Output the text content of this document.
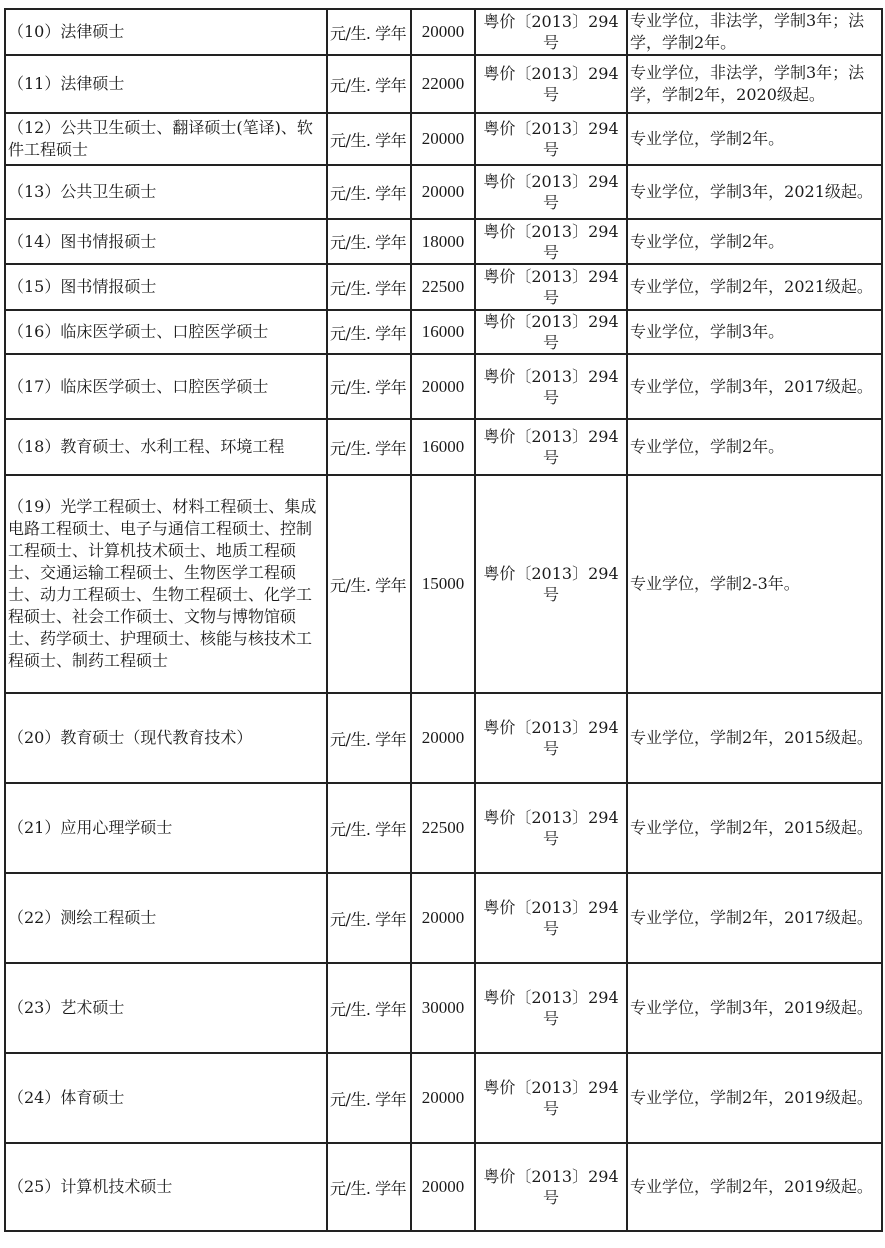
（10）法律硕士	元/生. 学年	20000	粤价〔2013〕294号	专业学位，非法学，学制3年；法学，学制2年。
（11）法律硕士	元/生. 学年	22000	粤价〔2013〕294号	专业学位，非法学，学制3年；法学，学制2年，2020级起。
（12）公共卫生硕士、翻译硕士(笔译)、软件工程硕士	元/生. 学年	20000	粤价〔2013〕294号	专业学位，学制2年。
（13）公共卫生硕士	元/生. 学年	20000	粤价〔2013〕294号	专业学位，学制3年，2021级起。
（14）图书情报硕士	元/生. 学年	18000	粤价〔2013〕294号	专业学位，学制2年。
（15）图书情报硕士	元/生. 学年	22500	粤价〔2013〕294号	专业学位，学制2年，2021级起。
（16）临床医学硕士、口腔医学硕士	元/生. 学年	16000	粤价〔2013〕294号	专业学位，学制3年。
（17）临床医学硕士、口腔医学硕士	元/生. 学年	20000	粤价〔2013〕294号	专业学位，学制3年，2017级起。
（18）教育硕士、水利工程、环境工程	元/生. 学年	16000	粤价〔2013〕294号	专业学位，学制2年。
（19）光学工程硕士、材料工程硕士、集成电路工程硕士、电子与通信工程硕士、控制工程硕士、计算机技术硕士、地质工程硕士、交通运输工程硕士、生物医学工程硕士、动力工程硕士、生物工程硕士、化学工程硕士、社会工作硕士、文物与博物馆硕士、药学硕士、护理硕士、核能与核技术工程硕士、制药工程硕士	元/生. 学年	15000	粤价〔2013〕294号	专业学位，学制2-3年。
（20）教育硕士（现代教育技术）	元/生. 学年	20000	粤价〔2013〕294号	专业学位，学制2年，2015级起。
（21）应用心理学硕士	元/生. 学年	22500	粤价〔2013〕294号	专业学位，学制2年，2015级起。
（22）测绘工程硕士	元/生. 学年	20000	粤价〔2013〕294号	专业学位，学制2年，2017级起。
（23）艺术硕士	元/生. 学年	30000	粤价〔2013〕294号	专业学位，学制3年，2019级起。
（24）体育硕士	元/生. 学年	20000	粤价〔2013〕294号	专业学位，学制2年，2019级起。
（25）计算机技术硕士	元/生. 学年	20000	粤价〔2013〕294号	专业学位，学制2年，2019级起。
